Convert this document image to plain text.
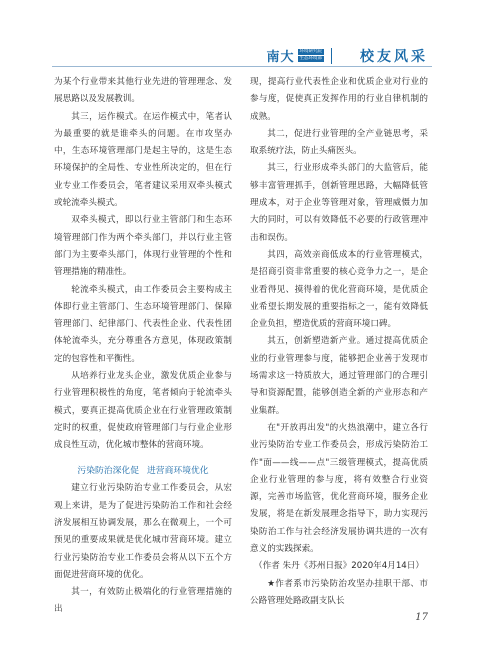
南大	环境研究院
生态环境部	校友风采

为某个行业带来其他行业先进的管理理念、发展思路以及发展教训。

其三，运作模式。在运作模式中，笔者认为最重要的就是谁牵头的问题。在市攻坚办中，生态环境管理部门是起主导的，这是生态环境保护的全局性、专业性所决定的，但在行业专业工作委员会，笔者建议采用双牵头模式或轮流牵头模式。

双牵头模式，即以行业主管部门和生态环境管理部门作为两个牵头部门，并以行业主管部门为主要牵头部门，体现行业管理的个性和管理措施的精准性。

轮流牵头模式，由工作委员会主要构成主体即行业主管部门、生态环境管理部门、保障管理部门、纪律部门、代表性企业、代表性团体轮流牵头，充分尊重各方意见，体现政策制定的包容性和平衡性。

从培养行业龙头企业，激发优质企业参与行业管理积极性的角度，笔者倾向于轮流牵头模式，要真正提高优质企业在行业管理政策制定时的权重，促使政府管理部门与行业企业形成良性互动，优化城市整体的营商环境。

污染防治深化促 进营商环境优化

建立行业污染防治专业工作委员会，从宏观上来讲，是为了促进污染防治工作和社会经济发展相互协调发展，那么在微观上，一个可预见的重要成果就是优化城市营商环境。建立行业污染防治专业工作委员会将从以下五个方面促进营商环境的优化。

其一，有效防止极端化的行业管理措施的出

现，提高行业代表性企业和优质企业对行业的参与度，促使真正发挥作用的行业自律机制的成熟。

其二，促进行业管理的全产业链思考，采取系统疗法，防止头痛医头。

其三，行业形成牵头部门的大监管后，能够丰富管理抓手，创新管理思路，大幅降低管理成本，对于企业等管理对象，管理威慑力加大的同时，可以有效降低不必要的行政管理冲击和误伤。

其四，高效亲商低成本的行业管理模式，是招商引资非常重要的核心竞争力之一，是企业看得见、摸得着的优化营商环境，是优质企业希望长期发展的重要指标之一，能有效降低企业负担，塑造优质的营商环境口碑。

其五，创新塑造新产业。通过提高优质企业的行业管理参与度，能够把企业善于发现市场需求这一特质放大，通过管理部门的合理引导和资源配置，能够创造全新的产业形态和产业集群。

在"开放再出发"的火热浪潮中，建立各行业污染防治专业工作委员会，形成污染防治工作"面——线——点"三级管理模式，提高优质企业行业管理的参与度，将有效整合行业资源，完善市场监管，优化营商环境，服务企业发展，将是在新发展理念指导下，助力实现污染防治工作与社会经济发展协调共进的一次有意义的实践探索。

（作者 朱丹《苏州日报》2020年4月14日）

★作者系市污染防治攻坚办挂职干部、市公路管理处路政副支队长

17
